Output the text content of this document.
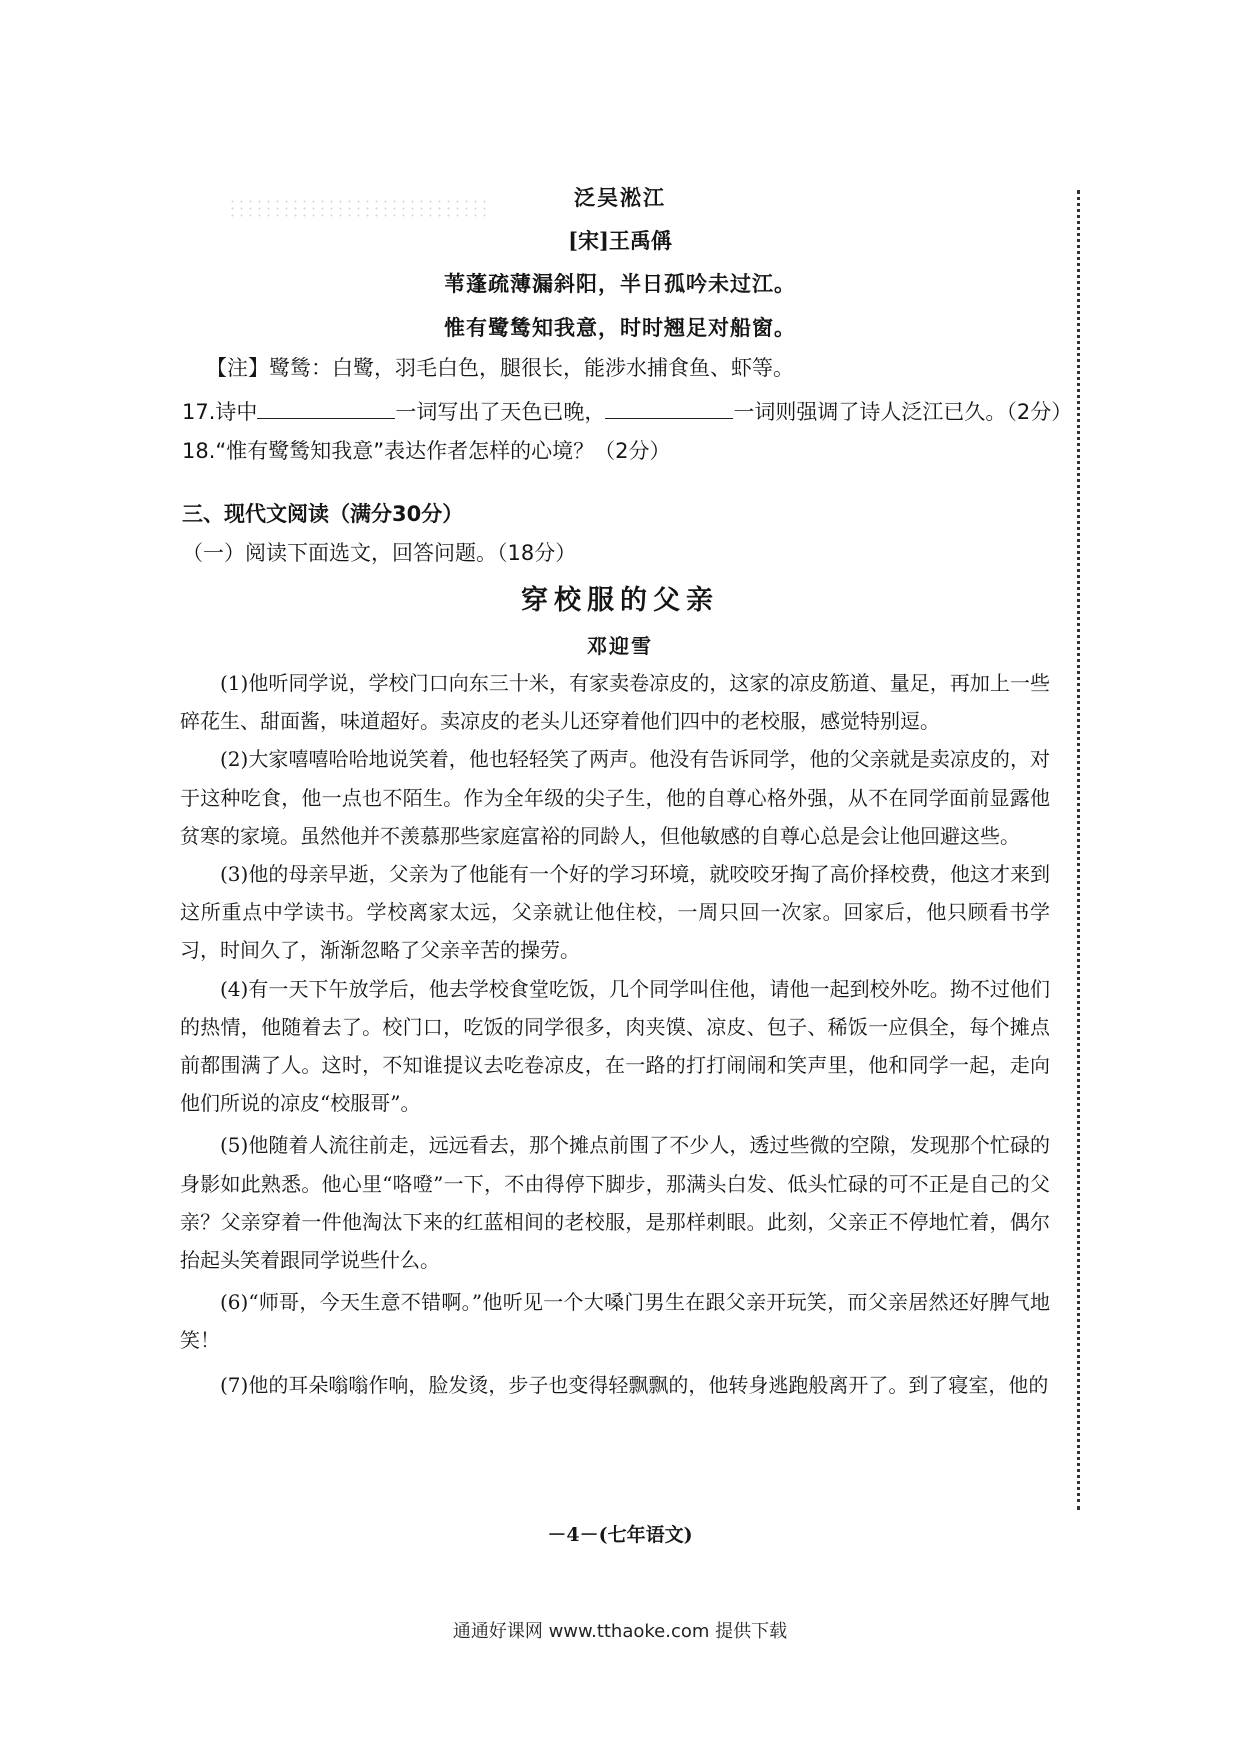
泛吴淞江
[宋]王禹偁
苇蓬疏薄漏斜阳，半日孤吟未过江。
惟有鹭鸶知我意，时时翘足对船窗。
【注】鹭鸶：白鹭，羽毛白色，腿很长，能涉水捕食鱼、虾等。
17.诗中	一词写出了天色已晚，	一词则强调了诗人泛江已久。（2分）
18.“惟有鹭鸶知我意”表达作者怎样的心境？（2分）
三、现代文阅读（满分30分）
（一）阅读下面选文，回答问题。（18分）
穿校服的父亲
邓迎雪

(1)他听同学说，学校门口向东三十米，有家卖卷凉皮的，这家的凉皮筋道、量足，再加上一些碎花生、甜面酱，味道超好。卖凉皮的老头儿还穿着他们四中的老校服，感觉特别逗。

(2)大家嘻嘻哈哈地说笑着，他也轻轻笑了两声。他没有告诉同学，他的父亲就是卖凉皮的，对于这种吃食，他一点也不陌生。作为全年级的尖子生，他的自尊心格外强，从不在同学面前显露他贫寒的家境。虽然他并不羡慕那些家庭富裕的同龄人，但他敏感的自尊心总是会让他回避这些。

(3)他的母亲早逝，父亲为了他能有一个好的学习环境，就咬咬牙掏了高价择校费，他这才来到这所重点中学读书。学校离家太远，父亲就让他住校，一周只回一次家。回家后，他只顾看书学习，时间久了，渐渐忽略了父亲辛苦的操劳。

(4)有一天下午放学后，他去学校食堂吃饭，几个同学叫住他，请他一起到校外吃。拗不过他们的热情，他随着去了。校门口，吃饭的同学很多，肉夹馍、凉皮、包子、稀饭一应俱全，每个摊点前都围满了人。这时，不知谁提议去吃卷凉皮，在一路的打打闹闹和笑声里，他和同学一起，走向他们所说的凉皮“校服哥”。

(5)他随着人流往前走，远远看去，那个摊点前围了不少人，透过些微的空隙，发现那个忙碌的身影如此熟悉。他心里“咯噔”一下，不由得停下脚步，那满头白发、低头忙碌的可不正是自己的父亲？父亲穿着一件他淘汰下来的红蓝相间的老校服，是那样刺眼。此刻，父亲正不停地忙着，偶尔抬起头笑着跟同学说些什么。

(6)“师哥，今天生意不错啊。”他听见一个大嗓门男生在跟父亲开玩笑，而父亲居然还好脾气地笑！

(7)他的耳朵嗡嗡作响，脸发烫，步子也变得轻飘飘的，他转身逃跑般离开了。到了寝室，他的

－4－(七年语文)
通通好课网 www.tthaoke.com 提供下载
